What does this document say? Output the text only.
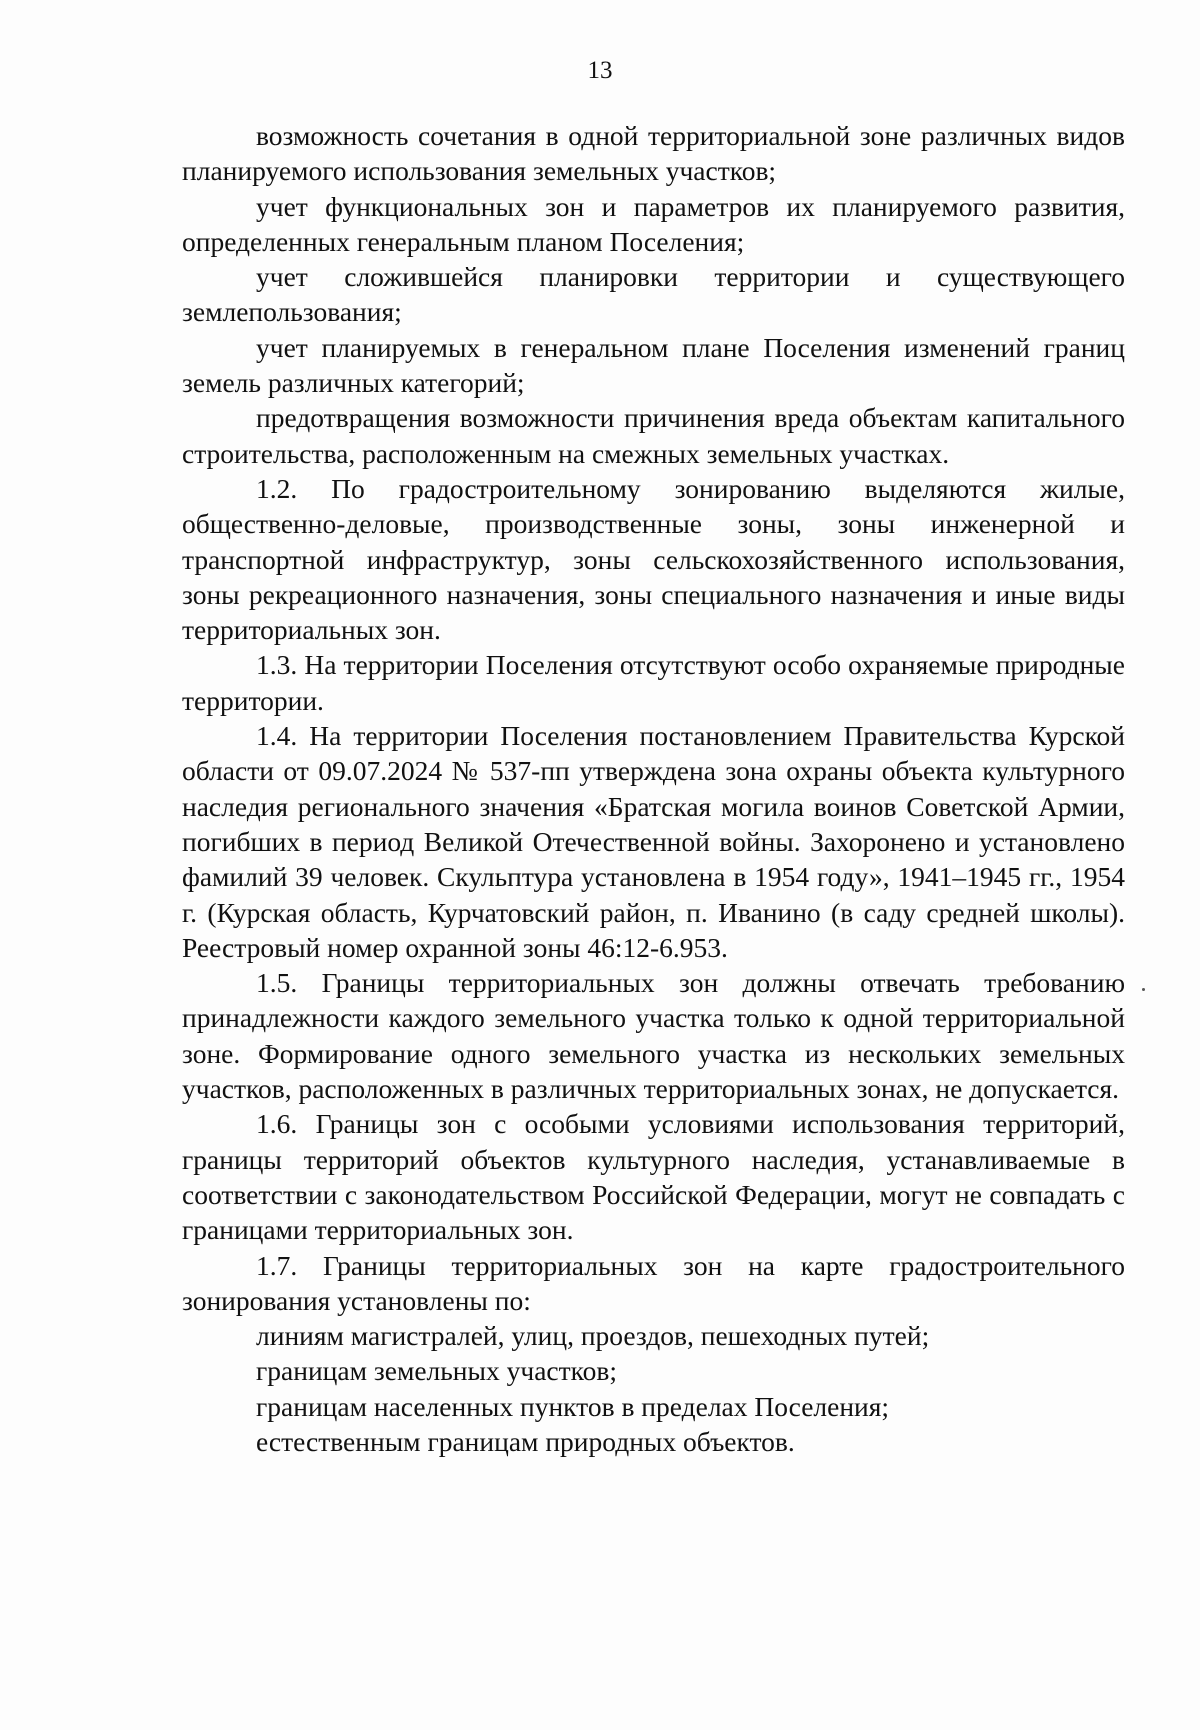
13

возможность сочетания в одной территориальной зоне различных видов планируемого использования земельных участков;

учет функциональных зон и параметров их планируемого развития, определенных генеральным планом Поселения;

учет сложившейся планировки территории и существующего землепользования;

учет планируемых в генеральном плане Поселения изменений границ земель различных категорий;

предотвращения возможности причинения вреда объектам капитального строительства, расположенным на смежных земельных участках.

1.2. По градостроительному зонированию выделяются жилые, общественно-деловые, производственные зоны, зоны инженерной и транспортной инфраструктур, зоны сельскохозяйственного использования, зоны рекреационного назначения, зоны специального назначения и иные виды территориальных зон.

1.3. На территории Поселения отсутствуют особо охраняемые природные территории.

1.4. На территории Поселения постановлением Правительства Курской области от 09.07.2024 № 537-пп утверждена зона охраны объекта культурного наследия регионального значения «Братская могила воинов Советской Армии, погибших в период Великой Отечественной войны. Захоронено и установлено фамилий 39 человек. Скульптура установлена в 1954 году», 1941–1945 гг., 1954 г. (Курская область, Курчатовский район, п. Иванино (в саду средней школы). Реестровый номер охранной зоны 46:12-6.953.

1.5. Границы территориальных зон должны отвечать требованию принадлежности каждого земельного участка только к одной территориальной зоне. Формирование одного земельного участка из нескольких земельных участков, расположенных в различных территориальных зонах, не допускается.

1.6. Границы зон с особыми условиями использования территорий, границы территорий объектов культурного наследия, устанавливаемые в соответствии с законодательством Российской Федерации, могут не совпадать с границами территориальных зон.

1.7. Границы территориальных зон на карте градостроительного зонирования установлены по:

линиям магистралей, улиц, проездов, пешеходных путей;

границам земельных участков;

границам населенных пунктов в пределах Поселения;

естественным границам природных объектов.
